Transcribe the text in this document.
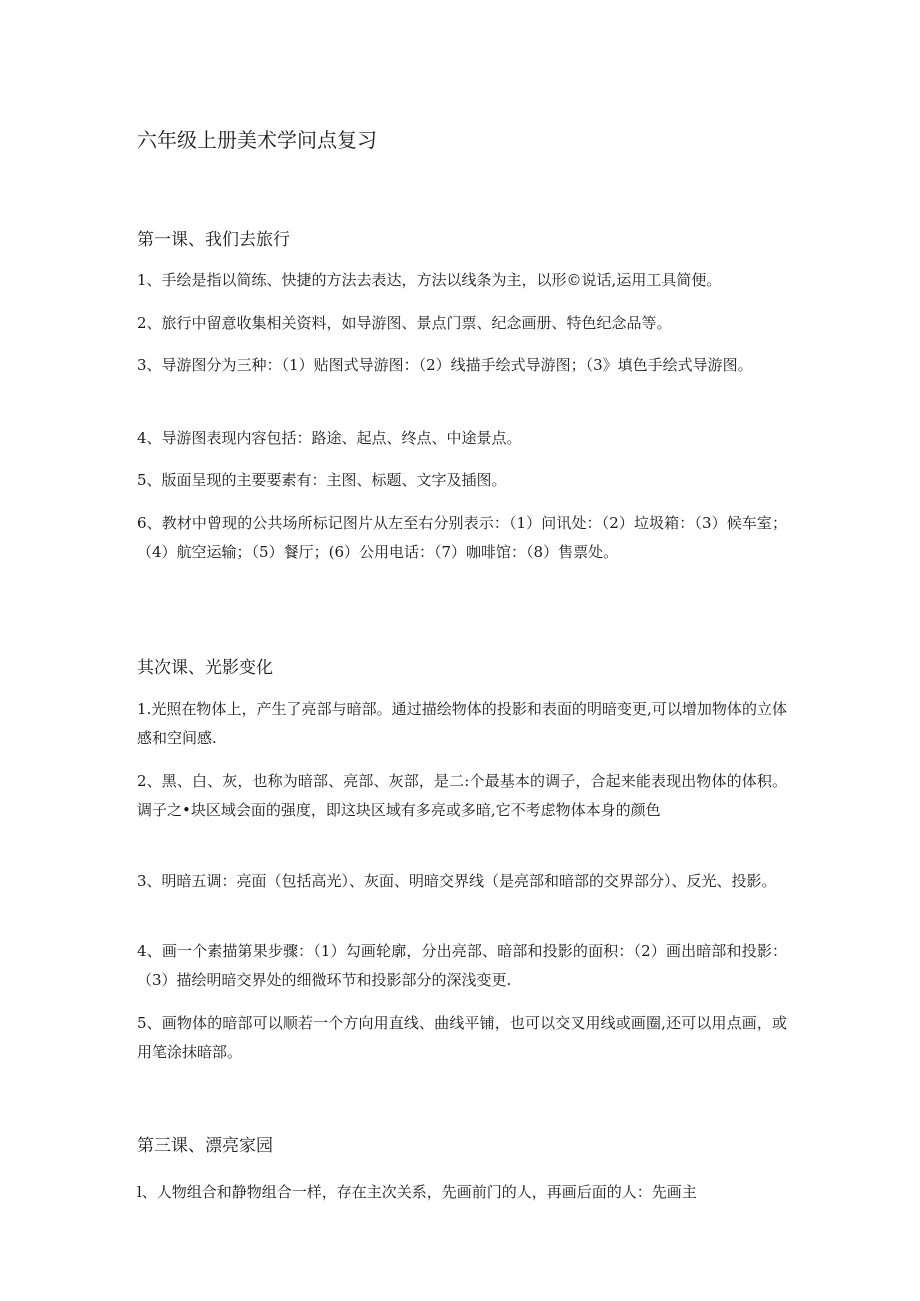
六年级上册美术学问点复习
第一课、我们去旅行
1、手绘是指以简练、快捷的方法去表达，方法以线条为主，以形©说话,运用工具简便。
2、旅行中留意收集相关资料，如导游图、景点门票、纪念画册、特色纪念品等。
3、导游图分为三种：（1）贴图式导游图：（2）线描手绘式导游图；（3》填色手绘式导游图。
4、导游图表现内容包括：路途、起点、终点、中途景点。
5、版面呈现的主要要素有：主图、标题、文字及插图。
6、教材中曾现的公共场所标记图片从左至右分别表示：（1）问讯处：（2）垃圾箱：（3）候车室；（4）航空运输；（5）餐厅；(6）公用电话：（7）咖啡馆：（8）售票处。
其次课、光影变化
1.光照在物体上，产生了亮部与暗部。通过描绘物体的投影和表面的明暗变更,可以增加物体的立体感和空间感.
2、黑、白、灰，也称为暗部、亮部、灰部，是二:个最基本的调子，合起来能表现出物体的体积。调子之•块区域会面的强度，即这块区域有多亮或多暗,它不考虑物体本身的颜色
3、明暗五调：亮面（包括高光）、灰面、明暗交界线（是亮部和暗部的交界部分）、反光、投影。
4、画一个素描第果步骤：（1）勾画轮廓，分出亮部、暗部和投影的面积：（2）画出暗部和投影：（3）描绘明暗交界处的细微环节和投影部分的深浅变更.
5、画物体的暗部可以顺若一个方向用直线、曲线平铺，也可以交叉用线或画圈,还可以用点画，或用笔涂抹暗部。
第三课、漂亮家园
l、人物组合和静物组合一样，存在主次关系，先画前门的人，再画后面的人：先画主
